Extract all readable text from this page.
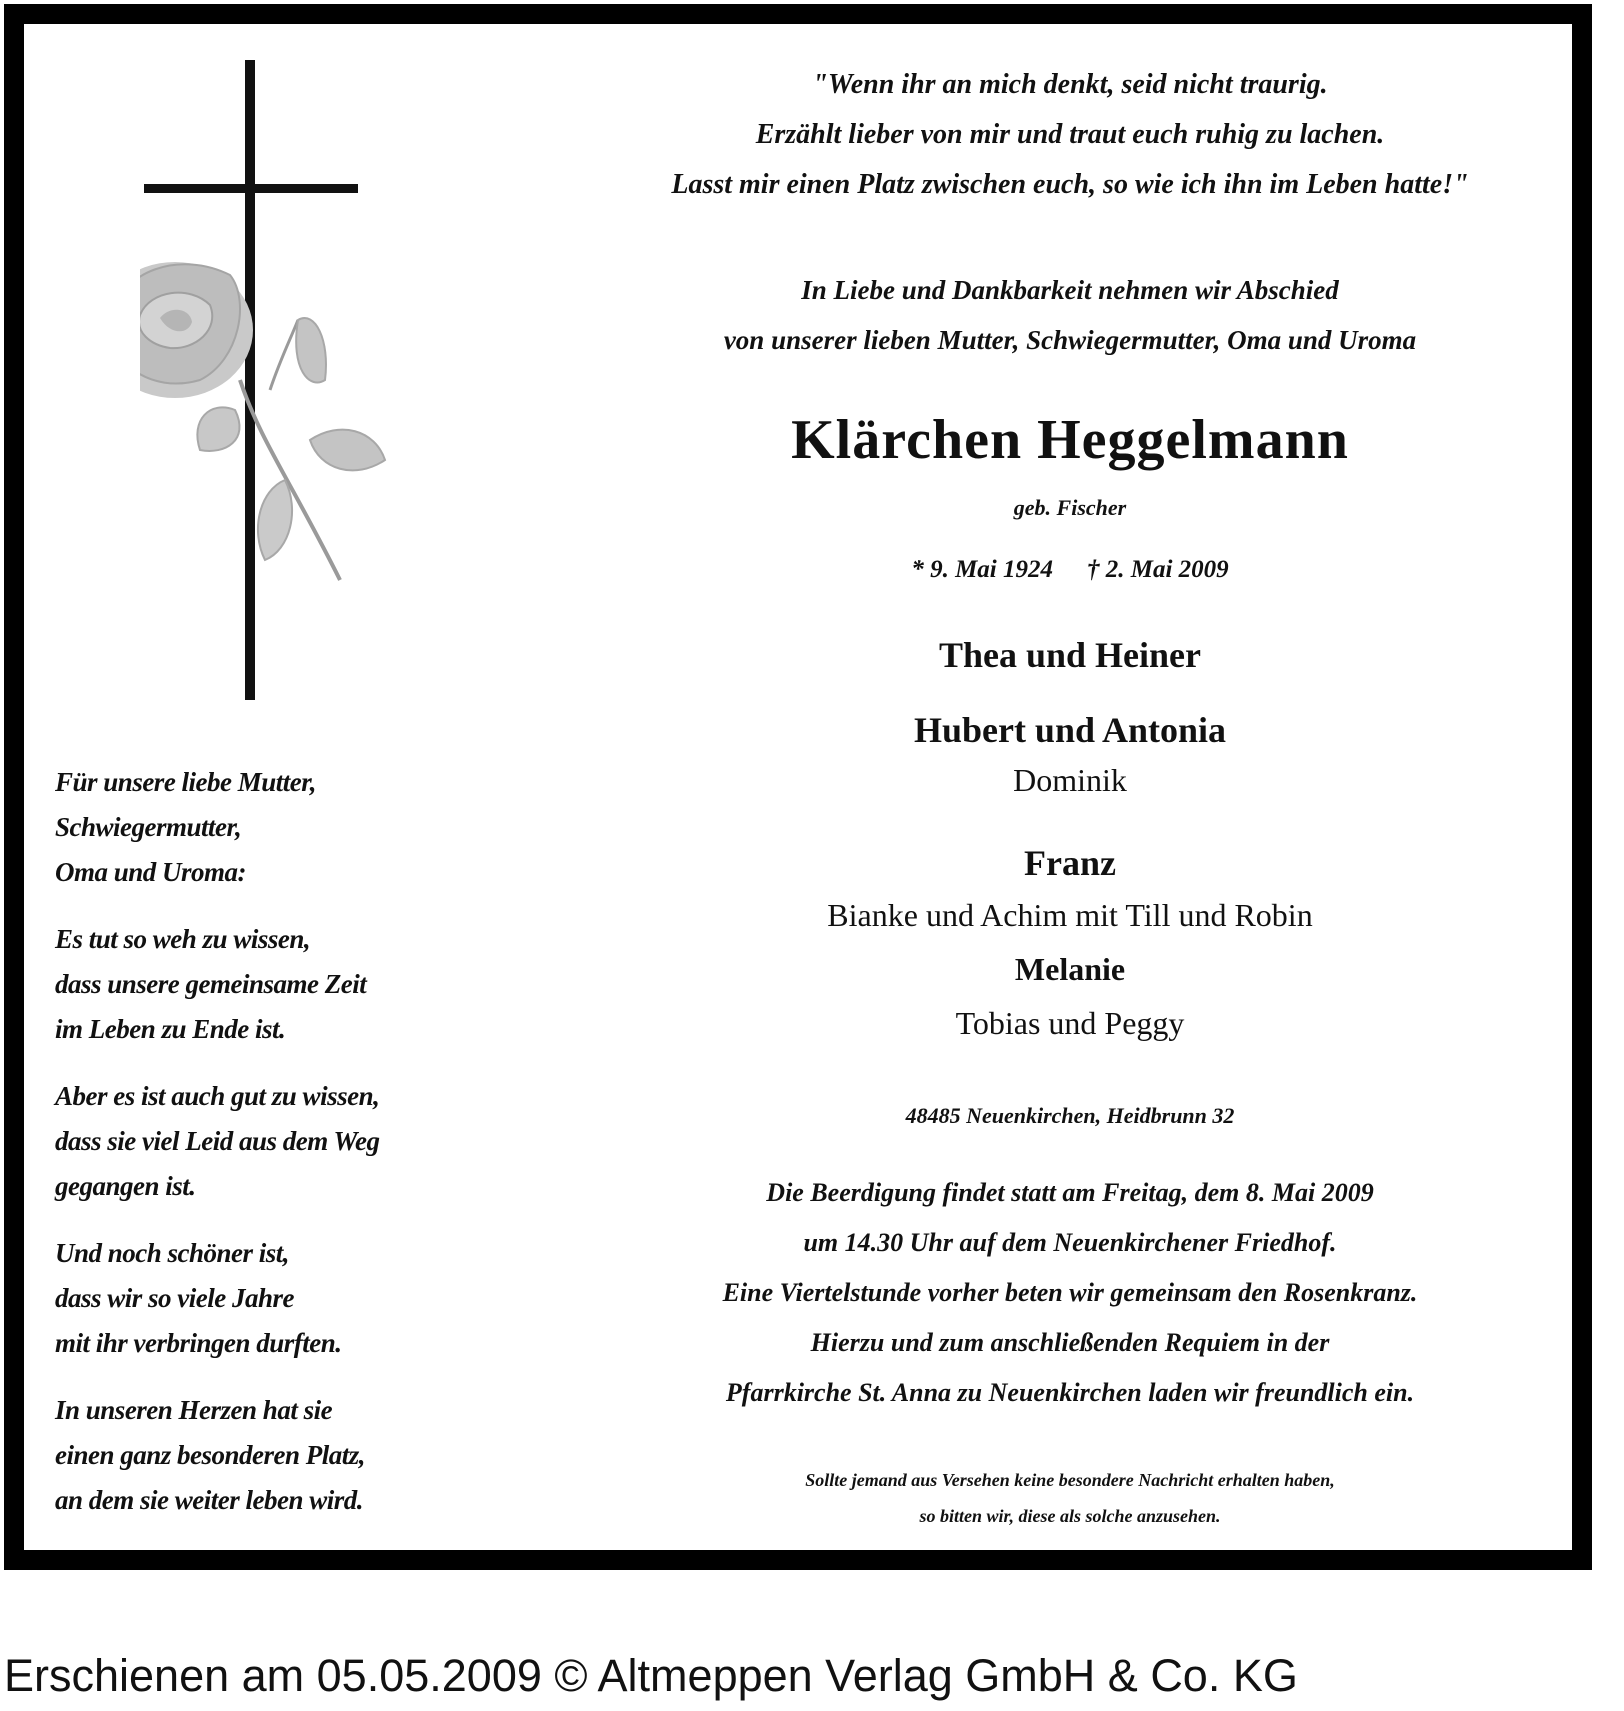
Für unsere liebe Mutter,
Schwiegermutter,
Oma und Uroma:
Es tut so weh zu wissen,
dass unsere gemeinsame Zeit
im Leben zu Ende ist.
Aber es ist auch gut zu wissen,
dass sie viel Leid aus dem Weg
gegangen ist.
Und noch schöner ist,
dass wir so viele Jahre
mit ihr verbringen durften.
In unseren Herzen hat sie
einen ganz besonderen Platz,
an dem sie weiter leben wird.
"Wenn ihr an mich denkt, seid nicht traurig.
Erzählt lieber von mir und traut euch ruhig zu lachen.
Lasst mir einen Platz zwischen euch, so wie ich ihn im Leben hatte!"
In Liebe und Dankbarkeit nehmen wir Abschied
von unserer lieben Mutter, Schwiegermutter, Oma und Uroma
Klärchen Heggelmann
geb. Fischer
* 9. Mai 1924 † 2. Mai 2009
Thea und Heiner
Hubert und Antonia
Dominik
Franz
Bianke und Achim mit Till und Robin
Melanie
Tobias und Peggy
48485 Neuenkirchen, Heidbrunn 32
Die Beerdigung findet statt am Freitag, dem 8. Mai 2009
um 14.30 Uhr auf dem Neuenkirchener Friedhof.
Eine Viertelstunde vorher beten wir gemeinsam den Rosenkranz.
Hierzu und zum anschließenden Requiem in der
Pfarrkirche St. Anna zu Neuenkirchen laden wir freundlich ein.
Sollte jemand aus Versehen keine besondere Nachricht erhalten haben,
so bitten wir, diese als solche anzusehen.
Erschienen am 05.05.2009 © Altmeppen Verlag GmbH & Co. KG
